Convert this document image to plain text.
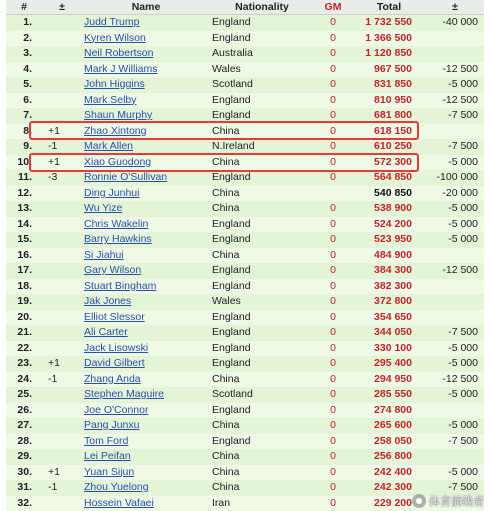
#	±	Name	Nationality	GM	Total	±
1.		Judd Trump	England	0	1 732 550	-40 000
2.		Kyren Wilson	England	0	1 366 500	
3.		Neil Robertson	Australia	0	1 120 850	
4.		Mark J Williams	Wales	0	967 500	-12 500
5.		John Higgins	Scotland	0	831 850	-5 000
6.		Mark Selby	England	0	810 950	-12 500
7.		Shaun Murphy	England	0	681 800	-7 500
8.	+1	Zhao Xintong	China	0	618 150	
9.	-1	Mark Allen	N.Ireland	0	610 250	-7 500
10.	+1	Xiao Guodong	China	0	572 300	-5 000
11.	-3	Ronnie O'Sullivan	England	0	564 850	-100 000
12.		Ding Junhui	China		540 850	-20 000
13.		Wu Yize	China	0	538 900	-5 000
14.		Chris Wakelin	England	0	524 200	-5 000
15.		Barry Hawkins	England	0	523 950	-5 000
16.		Si Jiahui	China	0	484 900	
17.		Gary Wilson	England	0	384 300	-12 500
18.		Stuart Bingham	England	0	382 300	
19.		Jak Jones	Wales	0	372 800	
20.		Elliot Slessor	England	0	354 650	
21.		Ali Carter	England	0	344 050	-7 500
22.		Jack Lisowski	England	0	330 100	-5 000
23.	+1	David Gilbert	England	0	295 400	-5 000
24.	-1	Zhang Anda	China	0	294 950	-12 500
25.		Stephen Maguire	Scotland	0	285 550	-5 000
26.		Joe O'Connor	England	0	274 800	
27.		Pang Junxu	China	0	265 600	-5 000
28.		Tom Ford	England	0	258 050	-7 500
29.		Lei Peifan	China	0	256 800	
30.	+1	Yuan Sijun	China	0	242 400	-5 000
31.	-1	Zhou Yuelong	China	0	242 300	-7 500
32.		Hossein Vafaei	Iran	0	229 200	体育前线者
